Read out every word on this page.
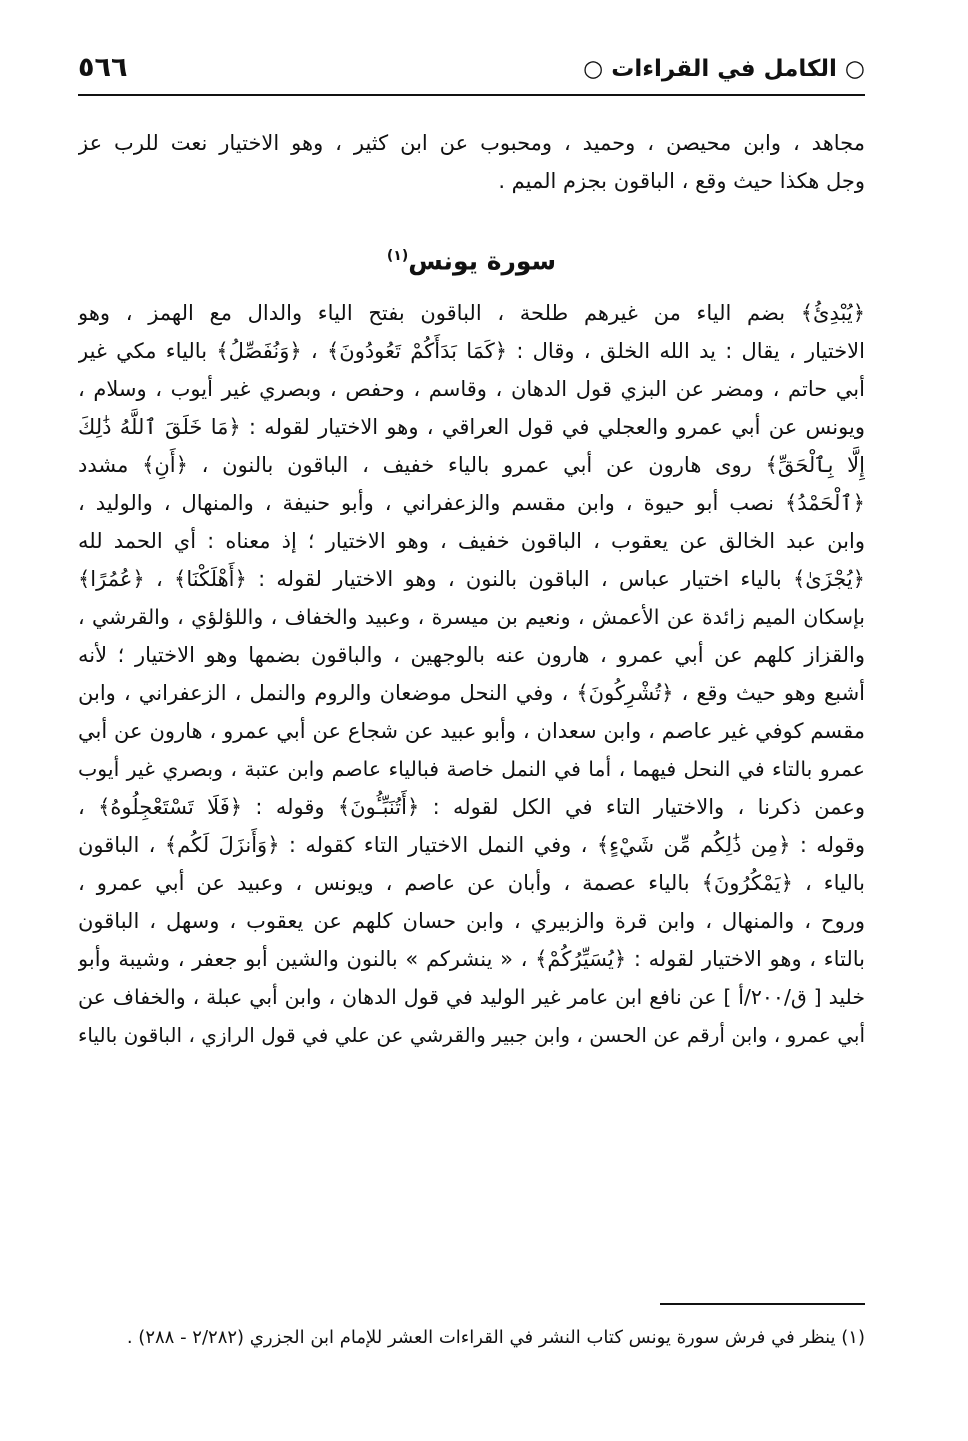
٥٦٦	○ الكامل في القراءات ○
مجاهد ، وابن محيصن ، وحميد ، ومحبوب عن ابن كثير ، وهو الاختيار نعت للرب عز
وجل هكذا حيث وقع ، الباقون بجزم الميم .
سورة يونس$^{(١)}$
﴿يُبْدِئُ﴾ بضم الياء من غيرهم طلحة ، الباقون بفتح الياء والدال مع الهمز ، وهو
الاختيار ، يقال : يد الله الخلق ، وقال : ﴿كَمَا بَدَأَكُمْ تَعُودُونَ﴾ ، ﴿وَنُفَصِّلُ﴾ بالياء مكي غير
أبي حاتم ، ومضر عن البزي قول الدهان ، وقاسم ، وحفص ، وبصري غير أيوب ، وسلام ،
ويونس عن أبي عمرو والعجلي في قول العراقي ، وهو الاختيار لقوله : ﴿مَا خَلَقَ ٱللَّهُ ذَٰلِكَ
إِلَّا بِٱلْحَقِّ﴾ روى هارون عن أبي عمرو بالياء خفيف ، الباقون بالنون ، ﴿أَنِ﴾ مشدد
﴿ٱلْحَمْدُ﴾ نصب أبو حيوة ، وابن مقسم والزعفراني ، وأبو حنيفة ، والمنهال ، والوليد ،
وابن عبد الخالق عن يعقوب ، الباقون خفيف ، وهو الاختيار ؛ إذ معناه : أي الحمد لله
﴿يُجْزَىٰ﴾ بالياء اختيار عباس ، الباقون بالنون ، وهو الاختيار لقوله : ﴿أَهْلَكْنَا﴾ ، ﴿عُمُرًا﴾
بإسكان الميم زائدة عن الأعمش ، ونعيم بن ميسرة ، وعبيد والخفاف ، واللؤلؤي ، والقرشي ،
والقزاز كلهم عن أبي عمرو ، هارون عنه بالوجهين ، والباقون بضمها وهو الاختيار ؛ لأنه
أشبع وهو حيث وقع ، ﴿تُشْرِكُونَ﴾ ، وفي النحل موضعان والروم والنمل ، الزعفراني ، وابن
مقسم كوفي غير عاصم ، وابن سعدان ، وأبو عبيد عن شجاع عن أبي عمرو ، هارون عن أبي
عمرو بالتاء في النحل فيهما ، أما في النمل خاصة فبالياء عاصم وابن عتبة ، وبصري غير أيوب
وعمن ذكرنا ، والاختيار التاء في الكل لقوله : ﴿أَتُنَبِّـُٔونَ﴾ وقوله : ﴿فَلَا تَسْتَعْجِلُوهُ﴾ ،
وقوله : ﴿مِن ذَٰلِكُم مِّن شَيْءٍ﴾ ، وفي النمل الاختيار التاء كقوله : ﴿وَأَنزَلَ لَكُم﴾ ، الباقون
بالياء ، ﴿يَمْكُرُونَ﴾ بالياء عصمة ، وأبان عن عاصم ، ويونس ، وعبيد عن أبي عمرو ،
وروح ، والمنهال ، وابن قرة والزبيري ، وابن حسان كلهم عن يعقوب ، وسهل ، الباقون
بالتاء ، وهو الاختيار لقوله : ﴿يُسَيِّرُكُمْ﴾ ، « ينشركم » بالنون والشين أبو جعفر ، وشيبة وأبو
خليد [ ق/٢٠٠/أ ] عن نافع ابن عامر غير الوليد في قول الدهان ، وابن أبي عبلة ، والخفاف عن
أبي عمرو ، وابن أرقم عن الحسن ، وابن جبير والقرشي عن علي في قول الرازي ، الباقون بالياء
(١) ينظر في فرش سورة يونس كتاب النشر في القراءات العشر للإمام ابن الجزري (٢/٢٨٢ - ٢٨٨) .
